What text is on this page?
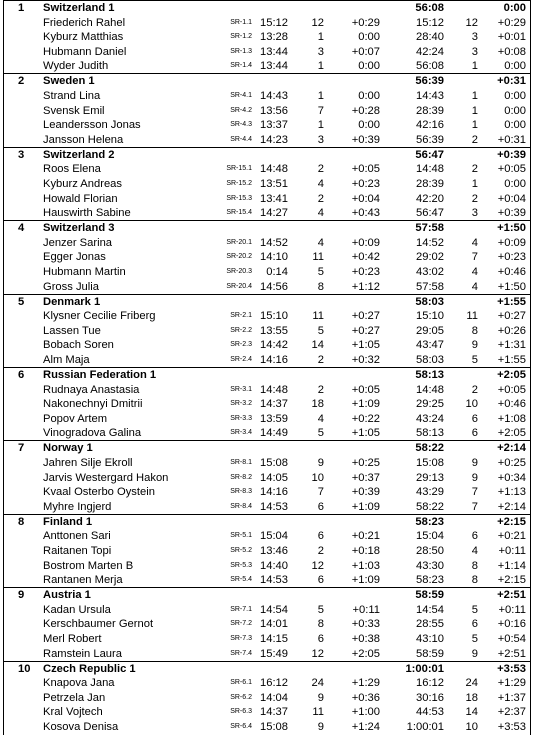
1	Switzerland 1	56:08	0:00
Friederich Rahel	SR-1.1 15:12	12	+0:29	15:12	12	+0:29
Kyburz Matthias	SR-1.2 13:28	1	0:00	28:40	3	+0:01
Hubmann Daniel	SR-1.3 13:44	3	+0:07	42:24	3	+0:08
Wyder Judith	SR-1.4 13:44	1	0:00	56:08	1	0:00
2	Sweden 1	56:39	+0:31
Strand Lina	SR-4.1 14:43	1	0:00	14:43	1	0:00
Svensk Emil	SR-4.2 13:56	7	+0:28	28:39	1	0:00
Leandersson Jonas	SR-4.3 13:37	1	0:00	42:16	1	0:00
Jansson Helena	SR-4.4 14:23	3	+0:39	56:39	2	+0:31
3	Switzerland 2	56:47	+0:39
Roos Elena	SR-15.1 14:48	2	+0:05	14:48	2	+0:05
Kyburz Andreas	SR-15.2 13:51	4	+0:23	28:39	1	0:00
Howald Florian	SR-15.3 13:41	2	+0:04	42:20	2	+0:04
Hauswirth Sabine	SR-15.4 14:27	4	+0:43	56:47	3	+0:39
4	Switzerland 3	57:58	+1:50
Jenzer Sarina	SR-20.1 14:52	4	+0:09	14:52	4	+0:09
Egger Jonas	SR-20.2 14:10	11	+0:42	29:02	7	+0:23
Hubmann Martin	SR-20.3	0:14	5	+0:23	43:02	4	+0:46
Gross Julia	SR-20.4 14:56	8	+1:12	57:58	4	+1:50
5	Denmark 1	58:03	+1:55
Klysner Cecilie Friberg	SR-2.1 15:10	11	+0:27	15:10	11	+0:27
Lassen Tue	SR-2.2 13:55	5	+0:27	29:05	8	+0:26
Bobach Soren	SR-2.3 14:42	14	+1:05	43:47	9	+1:31
Alm Maja	SR-2.4 14:16	2	+0:32	58:03	5	+1:55
6	Russian Federation 1	58:13	+2:05
Rudnaya Anastasia	SR-3.1 14:48	2	+0:05	14:48	2	+0:05
Nakonechnyi Dmitrii	SR-3.2 14:37	18	+1:09	29:25	10	+0:46
Popov Artem	SR-3.3 13:59	4	+0:22	43:24	6	+1:08
Vinogradova Galina	SR-3.4 14:49	5	+1:05	58:13	6	+2:05
7	Norway 1	58:22	+2:14
Jahren Silje Ekroll	SR-8.1 15:08	9	+0:25	15:08	9	+0:25
Jarvis Westergard Hakon	SR-8.2 14:05	10	+0:37	29:13	9	+0:34
Kvaal Osterbo Oystein	SR-8.3 14:16	7	+0:39	43:29	7	+1:13
Myhre Ingjerd	SR-8.4 14:53	6	+1:09	58:22	7	+2:14
8	Finland 1	58:23	+2:15
Anttonen Sari	SR-5.1 15:04	6	+0:21	15:04	6	+0:21
Raitanen Topi	SR-5.2 13:46	2	+0:18	28:50	4	+0:11
Bostrom Marten B	SR-5.3 14:40	12	+1:03	43:30	8	+1:14
Rantanen Merja	SR-5.4 14:53	6	+1:09	58:23	8	+2:15
9	Austria 1	58:59	+2:51
Kadan Ursula	SR-7.1 14:54	5	+0:11	14:54	5	+0:11
Kerschbaumer Gernot	SR-7.2 14:01	8	+0:33	28:55	6	+0:16
Merl Robert	SR-7.3 14:15	6	+0:38	43:10	5	+0:54
Ramstein Laura	SR-7.4 15:49	12	+2:05	58:59	9	+2:51
10	Czech Republic 1	1:00:01	+3:53
Knapova Jana	SR-6.1 16:12	24	+1:29	16:12	24	+1:29
Petrzela Jan	SR-6.2 14:04	9	+0:36	30:16	18	+1:37
Kral Vojtech	SR-6.3 14:37	11	+1:00	44:53	14	+2:37
Kosova Denisa	SR-6.4 15:08	9	+1:24	1:00:01	10	+3:53
